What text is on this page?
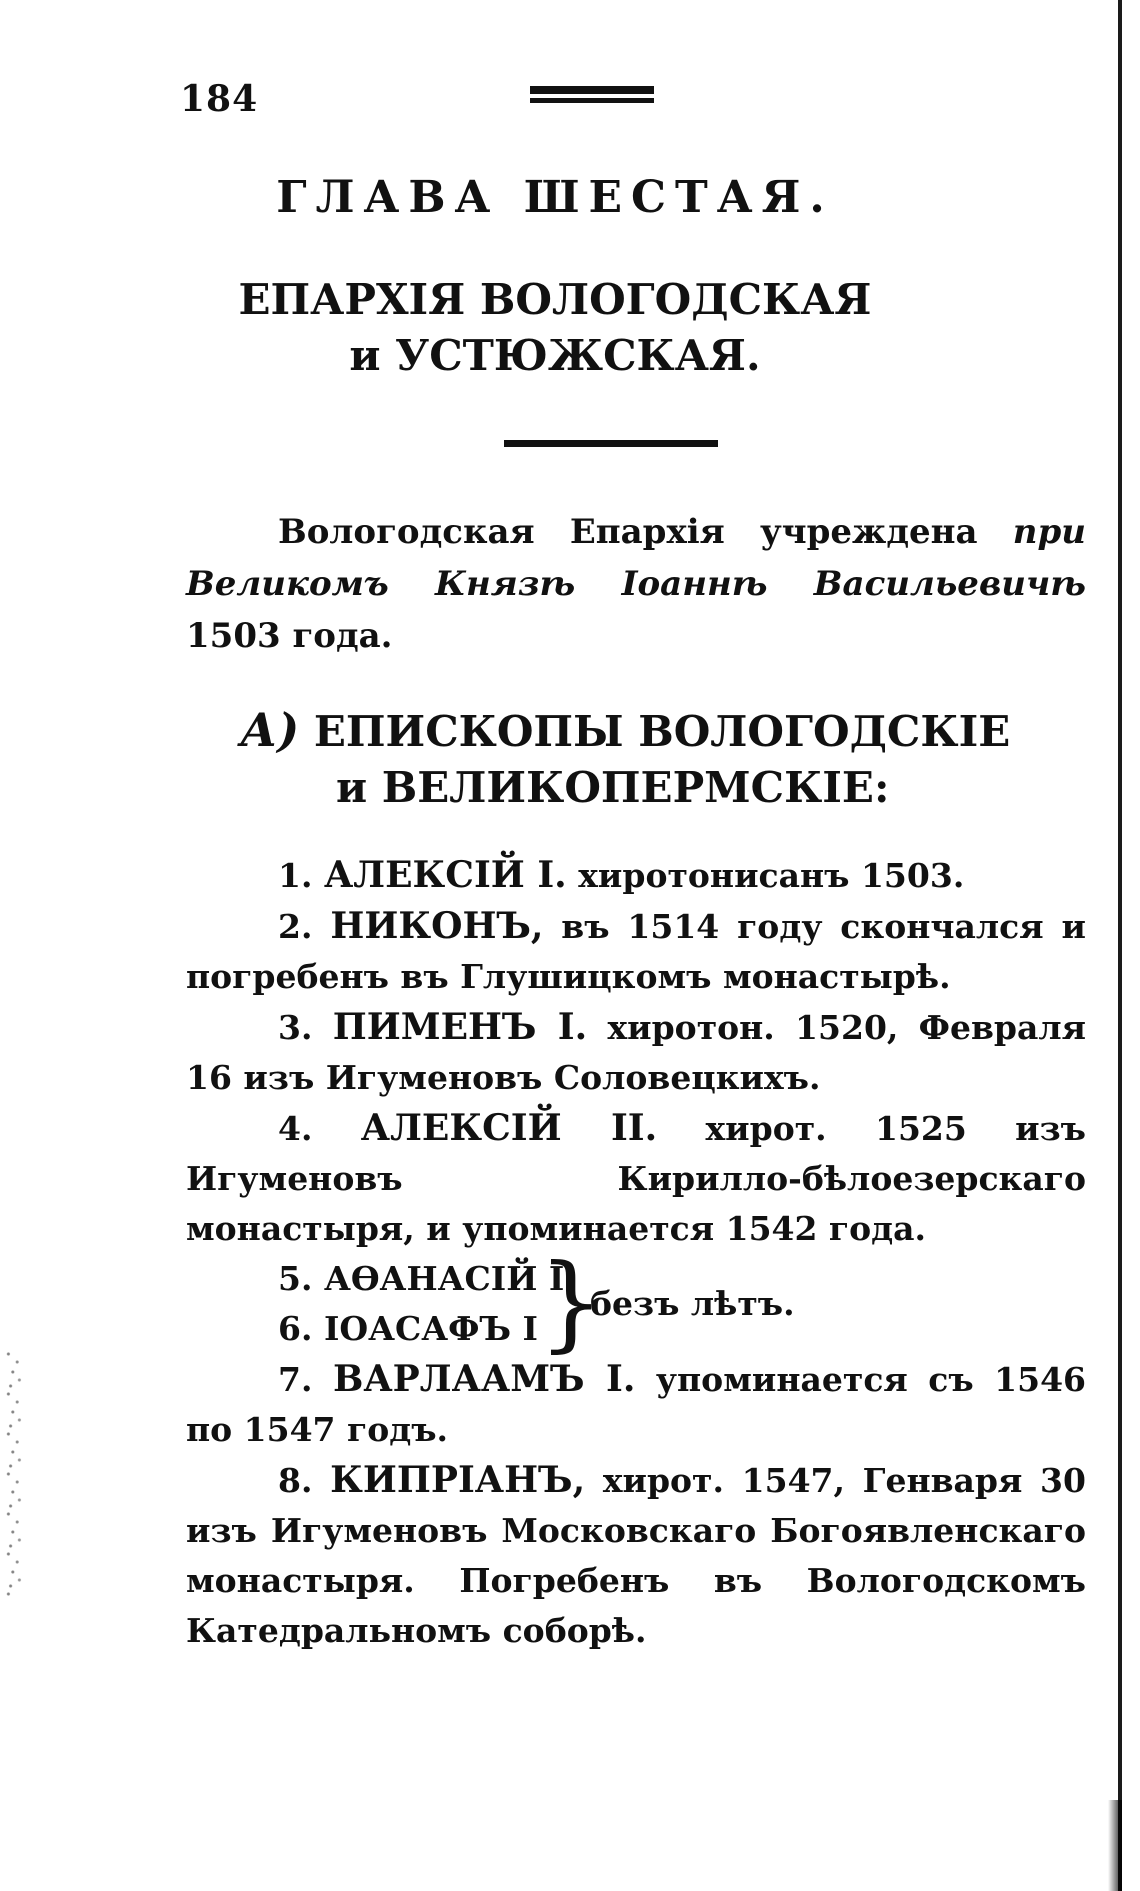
184
ГЛАВА ШЕСТАЯ.
ЕПАРХІЯ ВОЛОГОДСКАЯ
и УСТЮЖСКАЯ.
Вологодская Епархія учреждена при Великомъ Князѣ Іоаннѣ Васильевичѣ 1503 года.
А) ЕПИСКОПЫ ВОЛОГОДСКІЕ
и ВЕЛИКОПЕРМСКІЕ:

1. АЛЕКСІЙ I. хиротонисанъ 1503.

2. НИКОНЪ, въ 1514 году скончался и погребенъ въ Глушицкомъ монастырѣ.

3. ПИМЕНЪ I. хиротон. 1520, Февраля 16 изъ Игуменовъ Соловецкихъ.

4. АЛЕКСІЙ II. хирот. 1525 изъ Игуменовъ Кирилло-бѣлоезерскаго монастыря, и упоминается 1542 года.

5. АѲАНАСІЙ I
6. ІОАСАФЪ I }
безъ лѣтъ.

7. ВАРЛААМЪ I. упоминается съ 1546 по 1547 годъ.

8. КИПРІАНЪ, хирот. 1547, Генваря 30 изъ Игуменовъ Московскаго Богоявленскаго монастыря. Погребенъ въ Вологодскомъ Катедральномъ соборѣ.
